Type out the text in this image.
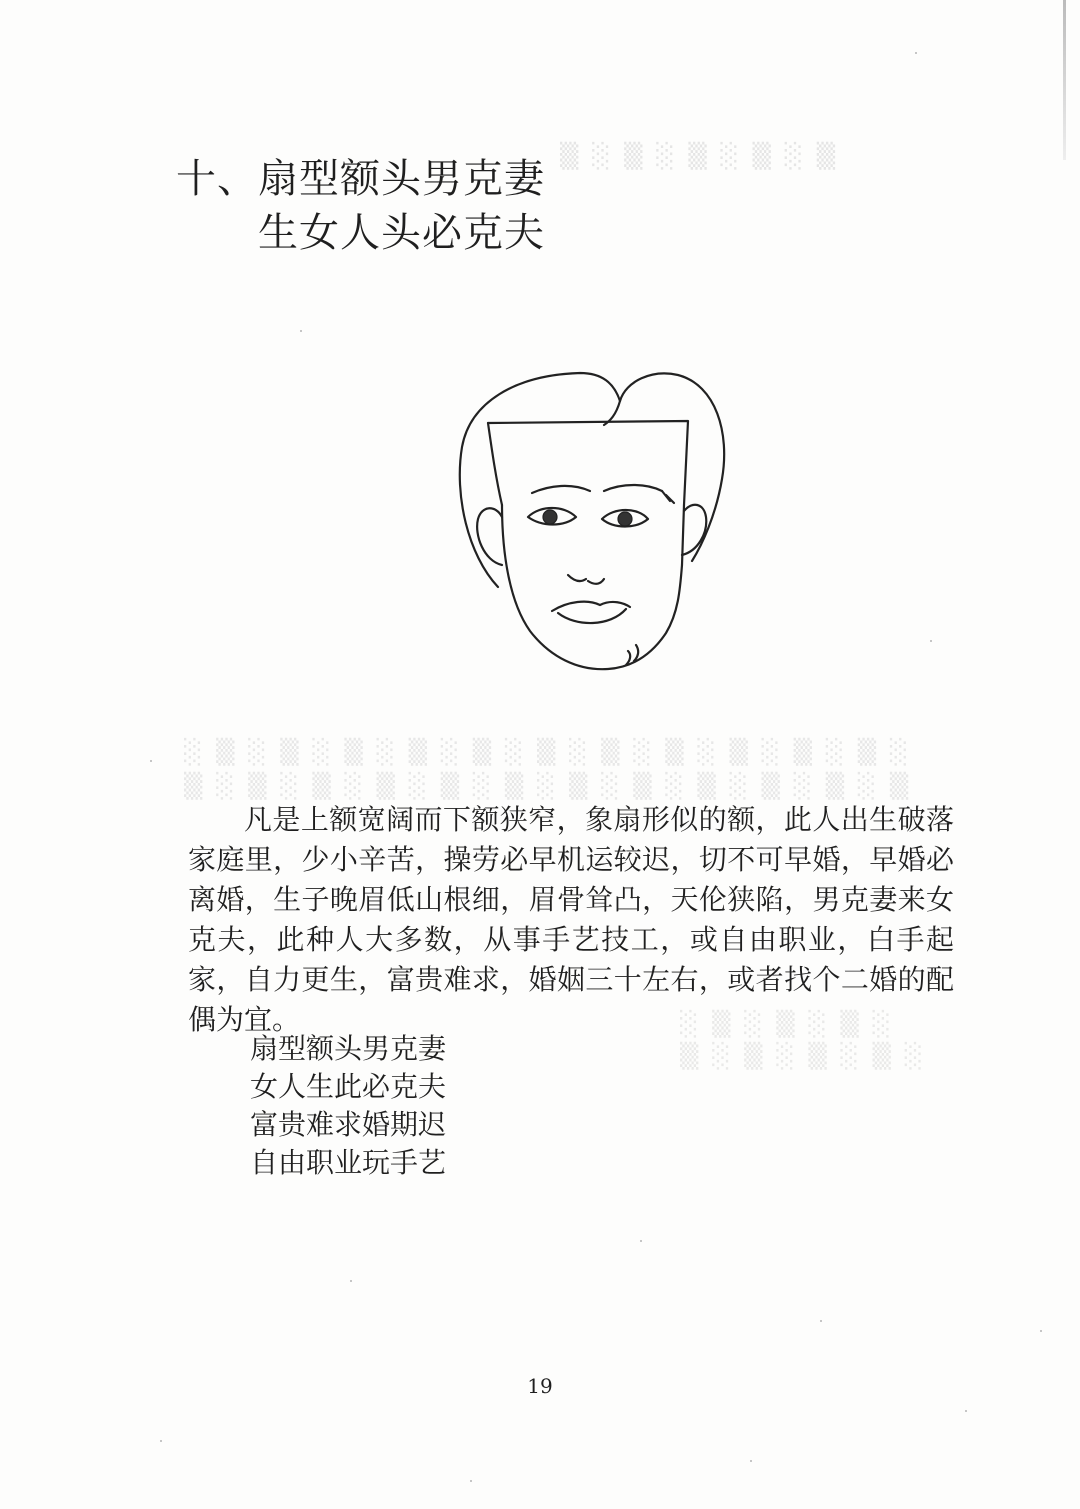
▒ ░ ▒ ░ ▒ ░ ▒ ░ ▒
░ ▒ ░ ▒ ░ ▒ ░ ▒ ░ ▒ ░ ▒ ░ ▒ ░ ▒ ░ ▒ ░ ▒ ░ ▒ ░
▒ ░ ▒ ░ ▒ ░ ▒ ░ ▒ ░ ▒ ░ ▒ ░ ▒ ░ ▒ ░ ▒ ░ ▒ ░ ▒
░ ▒ ░ ▒ ░ ▒ ░
▒ ░ ▒ ░ ▒ ░ ▒ ░
十、扇型额头男克妻
生女人头必克夫

凡是上额宽阔而下额狭窄，象扇形似的额，此人出生破落家庭里，少小辛苦，操劳必早机运较迟，切不可早婚，早婚必离婚，生子晚眉低山根细，眉骨耸凸，天伦狭陷，男克妻来女克夫，此种人大多数，从事手艺技工，或自由职业，白手起家，自力更生，富贵难求，婚姻三十左右，或者找个二婚的配偶为宜。

扇型额头男克妻
女人生此必克夫
富贵难求婚期迟
自由职业玩手艺
19
